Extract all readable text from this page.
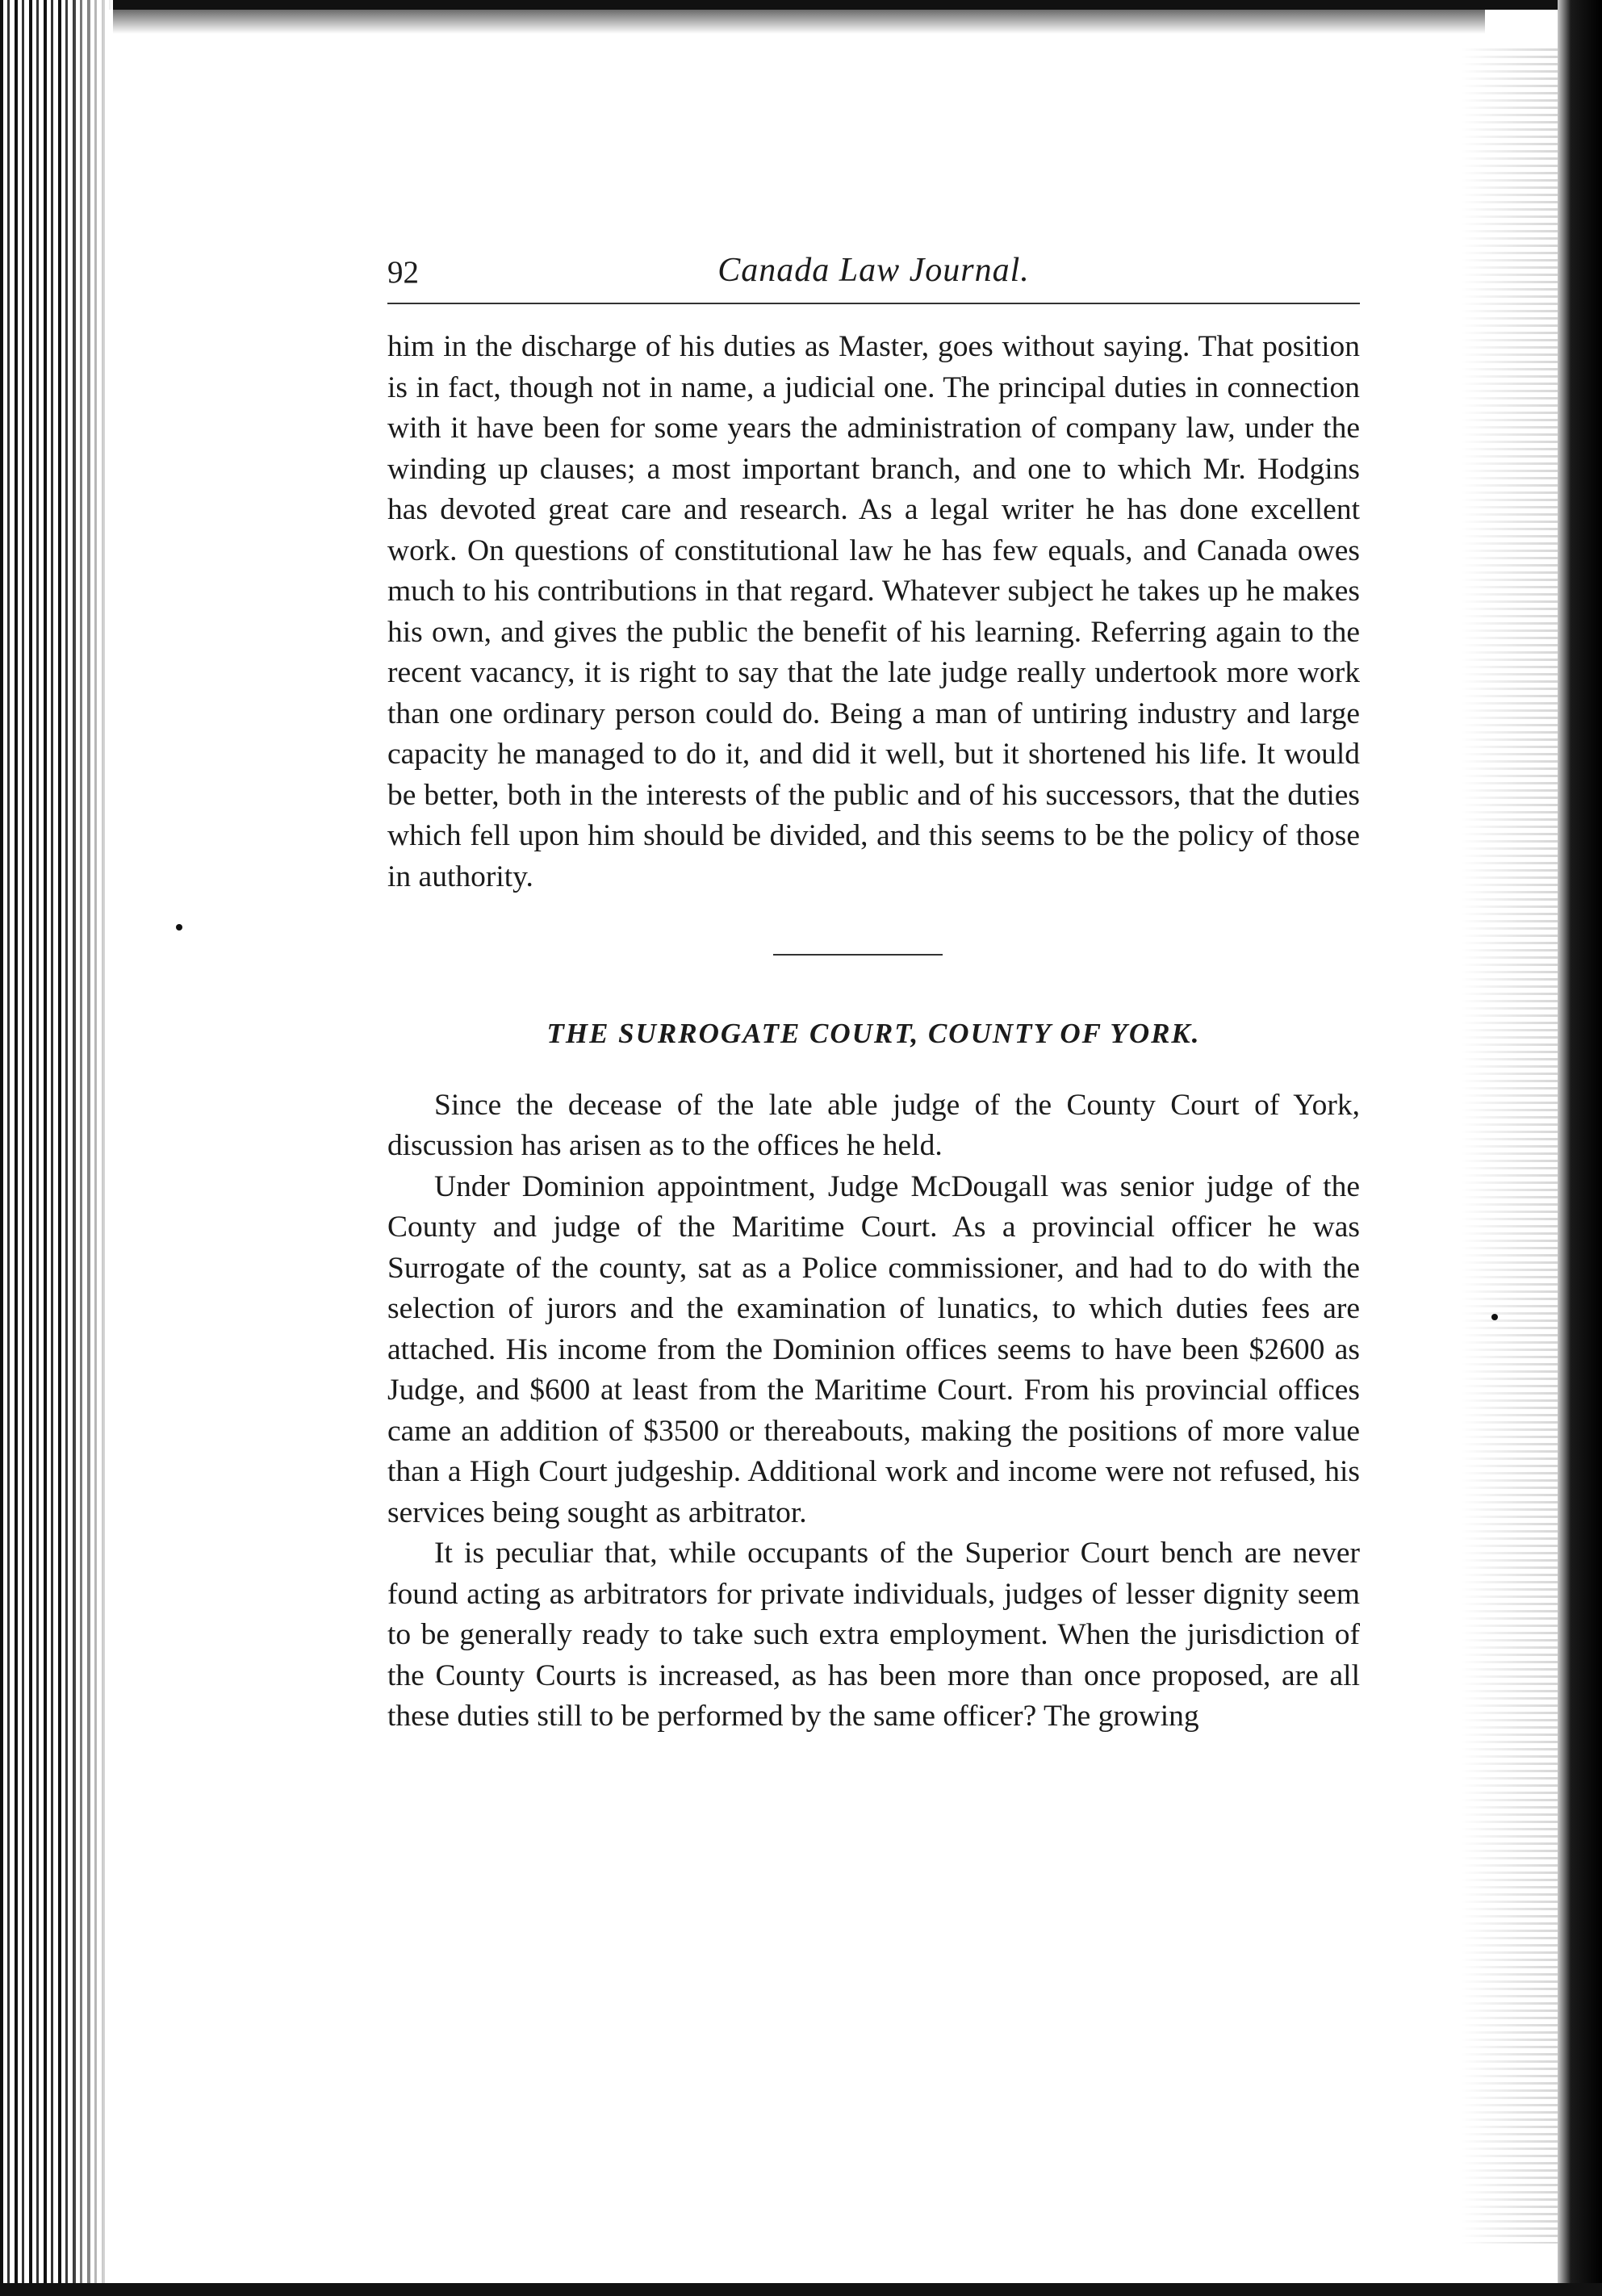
92	Canada Law Journal.

him in the discharge of his duties as Master, goes without saying. That position is in fact, though not in name, a judicial one. The principal duties in connection with it have been for some years the administration of company law, under the winding up clauses; a most important branch, and one to which Mr. Hodgins has devoted great care and research. As a legal writer he has done excellent work. On questions of constitutional law he has few equals, and Canada owes much to his contributions in that regard. Whatever subject he takes up he makes his own, and gives the public the benefit of his learning. Referring again to the recent vacancy, it is right to say that the late judge really undertook more work than one ordinary person could do. Being a man of untiring industry and large capacity he managed to do it, and did it well, but it shortened his life. It would be better, both in the interests of the public and of his successors, that the duties which fell upon him should be divided, and this seems to be the policy of those in authority.

THE SURROGATE COURT, COUNTY OF YORK.

Since the decease of the late able judge of the County Court of York, discussion has arisen as to the offices he held.

Under Dominion appointment, Judge McDougall was senior judge of the County and judge of the Maritime Court. As a provincial officer he was Surrogate of the county, sat as a Police commissioner, and had to do with the selection of jurors and the examination of lunatics, to which duties fees are attached. His income from the Dominion offices seems to have been $2600 as Judge, and $600 at least from the Maritime Court. From his provincial offices came an addition of $3500 or thereabouts, making the positions of more value than a High Court judgeship. Additional work and income were not refused, his services being sought as arbitrator.

It is peculiar that, while occupants of the Superior Court bench are never found acting as arbitrators for private individuals, judges of lesser dignity seem to be generally ready to take such extra employment. When the jurisdiction of the County Courts is increased, as has been more than once proposed, are all these duties still to be performed by the same officer? The growing
